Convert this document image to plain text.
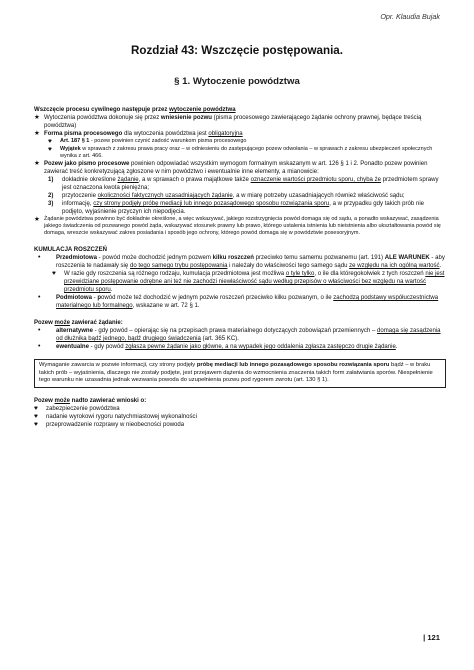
Opr. Klaudia Bujak
Rozdział 43: Wszczęcie postępowania.
§ 1. Wytoczenie powództwa

Wszczęcie procesu cywilnego następuje przez wytoczenie powództwa

★ Wytoczenia powództwa dokonuje się przez wniesienie pozwu (pisma procesowego zawierającego żądanie ochrony prawnej, będące treścią powództwa)
★ Forma pisma procesowego dla wytoczenia powództwa jest obligatoryjna
♥	Art. 187 § 1 - pozew powinien czynić zadość warunkom pisma procesowego
♥	Wyjątek w sprawach z zakresu prawa pracy oraz – w odniesieniu do zastępującego pozew odwołania – w sprawach z zakresu ubezpieczeń społecznych wynika z art. 466.
★ Pozew jako pismo procesowe powinien odpowiadać wszystkim wymogom formalnym wskazanym w art. 126 § 1 i 2. Ponadto pozew powinien zawierać treść konkretyzującą zgłoszone w nim powództwo i ewentualnie inne elementy, a mianowicie:
1)	dokładnie określone żądanie, a w sprawach o prawa majątkowe także oznaczenie wartości przedmiotu sporu, chyba że przedmiotem sprawy jest oznaczona kwota pieniężna;
2)	przytoczenie okoliczności faktycznych uzasadniających żądanie, a w miarę potrzeby uzasadniających również właściwość sądu;
3)	informację, czy strony podjęły próbę mediacji lub innego pozasądowego sposobu rozwiązania sporu, a w przypadku gdy takich prób nie podjęto, wyjaśnienie przyczyn ich niepodjęcia.
★ Żądanie powództwa powinno być dokładnie określone, a więc wskazywać, jakiego rozstrzygnięcia powód domaga się od sądu, a ponadto wskazywać, zasądzenia jakiego świadczenia od pozwanego powód żąda, wskazywać stosunek prawny lub prawo, którego ustalenia istnienia lub nieistnienia albo ukształtowania powód się domaga, wreszcie wskazywać zakres posiadania i sposób jego ochrony, którego powód domaga się w powództwie posesoryjnym.

KUMULACJA ROSZCZEŃ

•	Przedmiotowa - powód może dochodzić jednym pozwem kilku roszczeń przeciwko temu samemu pozwanemu (art. 191) ALE WARUNEK - aby roszczenia te nadawały się do tego samego trybu postępowania i należały do właściwości tego samego sądu ze względu na ich ogólną wartość.
♥	W razie gdy roszczenia są różnego rodzaju, kumulacja przedmiotowa jest możliwa o tyle tylko, o ile dla któregokolwiek z tych roszczeń nie jest przewidziane postępowanie odrębne ani też nie zachodzi niewłaściwość sądu według przepisów o właściwości bez względu na wartość przedmiotu sporu.
•	Podmiotowa - powód może też dochodzić w jednym pozwie roszczeń przeciwko kilku pozwanym, o ile zachodzą podstawy współuczestnictwa materialnego lub formalnego, wskazane w art. 72 § 1.

Pozew może zawierać żądanie:

•	alternatywne - gdy powód – opierając się na przepisach prawa materialnego dotyczących zobowiązań przemiennych – domaga się zasądzenia od dłużnika bądź jednego, bądź drugiego świadczenia (art. 365 KC).
•	ewentualne - gdy powód zgłasza pewne żądanie jako główne, a na wypadek jego oddalenia zgłasza zastępczo drugie żądanie.
Wymaganie zawarcia w pozwie informacji, czy strony podjęły próbę mediacji lub innego pozasądowego sposobu rozwiązania sporu bądź – w braku takich prób – wyjaśnienia, dlaczego nie zostały podjęte, jest przejawem dążenia do wzmocnienia znaczenia takich form załatwiania sporów. Niespełnienie tego warunku nie uzasadnia jednak wezwania powoda do uzupełnienia pozwu pod rygorem zwrotu (art. 130 § 1).

Pozew może nadto zawierać wnioski o:

♥	zabezpieczenie powództwa
♥	nadanie wyrokowi rygoru natychmiastowej wykonalności
♥	przeprowadzenie rozprawy w nieobecności powoda
| 121
